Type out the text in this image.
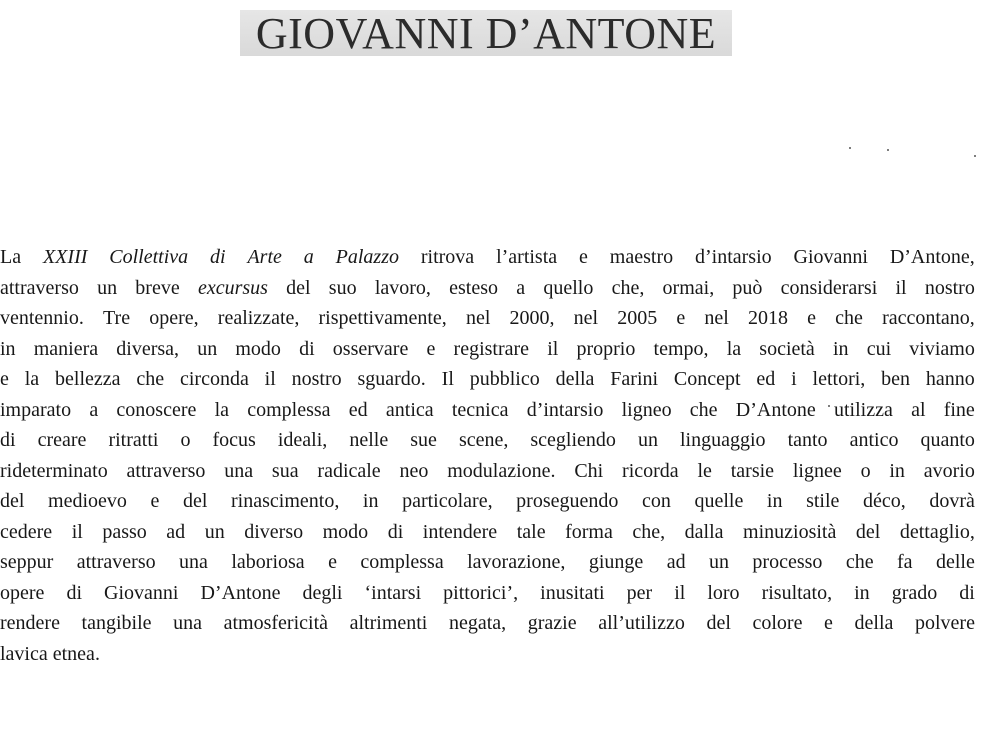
GIOVANNI D’ANTONE
La XXIII Collettiva di Arte a Palazzo ritrova l’artista e maestro d’intarsio Giovanni D’Antone,
attraverso un breve excursus del suo lavoro, esteso a quello che, ormai, può considerarsi il nostro
ventennio. Tre opere, realizzate, rispettivamente, nel 2000, nel 2005 e nel 2018 e che raccontano,
in maniera diversa, un modo di osservare e registrare il proprio tempo, la società in cui viviamo
e la bellezza che circonda il nostro sguardo. Il pubblico della Farini Concept ed i lettori, ben hanno
imparato a conoscere la complessa ed antica tecnica d’intarsio ligneo che D’Antone utilizza al fine
di creare ritratti o focus ideali, nelle sue scene, scegliendo un linguaggio tanto antico quanto
rideterminato attraverso una sua radicale neo modulazione. Chi ricorda le tarsie lignee o in avorio
del medioevo e del rinascimento, in particolare, proseguendo con quelle in stile déco, dovrà
cedere il passo ad un diverso modo di intendere tale forma che, dalla minuziosità del dettaglio,
seppur attraverso una laboriosa e complessa lavorazione, giunge ad un processo che fa delle
opere di Giovanni D’Antone degli ‘intarsi pittorici’, inusitati per il loro risultato, in grado di
rendere tangibile una atmosfericità altrimenti negata, grazie all’utilizzo del colore e della polvere
lavica etnea.
